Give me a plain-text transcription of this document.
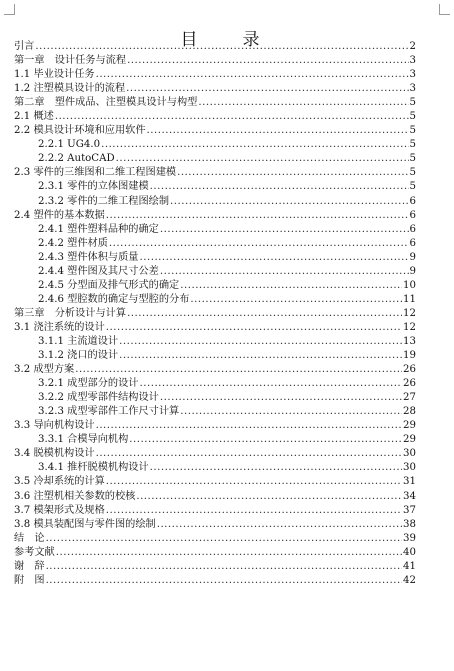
目　录
引言 .....	2
第一章　设计任务与流程 .....	3
1.1 毕业设计任务 .....	3
1.2 注塑模具设计的流程 .....	3
第二章　塑件成品、注塑模具设计与构型 .....	5
2.1 概述 .....	5
2.2 模具设计环境和应用软件 .....	5
2.2.1 UG4.0 .....	5
2.2.2 AutoCAD .....	5
2.3 零件的三维图和二维工程图建模 .....	5
2.3.1 零件的立体图建模 .....	5
2.3.2 零件的二维工程图绘制 .....	6
2.4 塑件的基本数据 .....	6
2.4.1 塑件塑料品种的确定 .....	6
2.4.2 塑件材质 .....	6
2.4.3 塑件体积与质量 .....	9
2.4.4 塑件图及其尺寸公差 .....	9
2.4.5 分型面及排气形式的确定 .....	10
2.4.6 型腔数的确定与型腔的分布 .....	11
第三章　分析设计与计算 .....	12
3.1 浇注系统的设计 .....	12
3.1.1 主流道设计 .....	13
3.1.2 浇口的设计 .....	19
3.2 成型方案 .....	26
3.2.1 成型部分的设计 .....	26
3.2.2 成型零部件结构设计 .....	27
3.2.3 成型零部件工作尺寸计算 .....	28
3.3 导向机构设计 .....	29
3.3.1 合模导向机构 .....	29
3.4 脱模机构设计 .....	30
3.4.1 推杆脱模机构设计 .....	30
3.5 冷却系统的计算 .....	31
3.6 注塑机相关参数的校核 .....	34
3.7 模架形式及规格 .....	37
3.8 模具装配图与零件图的绘制 .....	38
结　论 .....	39
参考文献 .....	40
谢　辞 .....	41
附　图 .....	42
